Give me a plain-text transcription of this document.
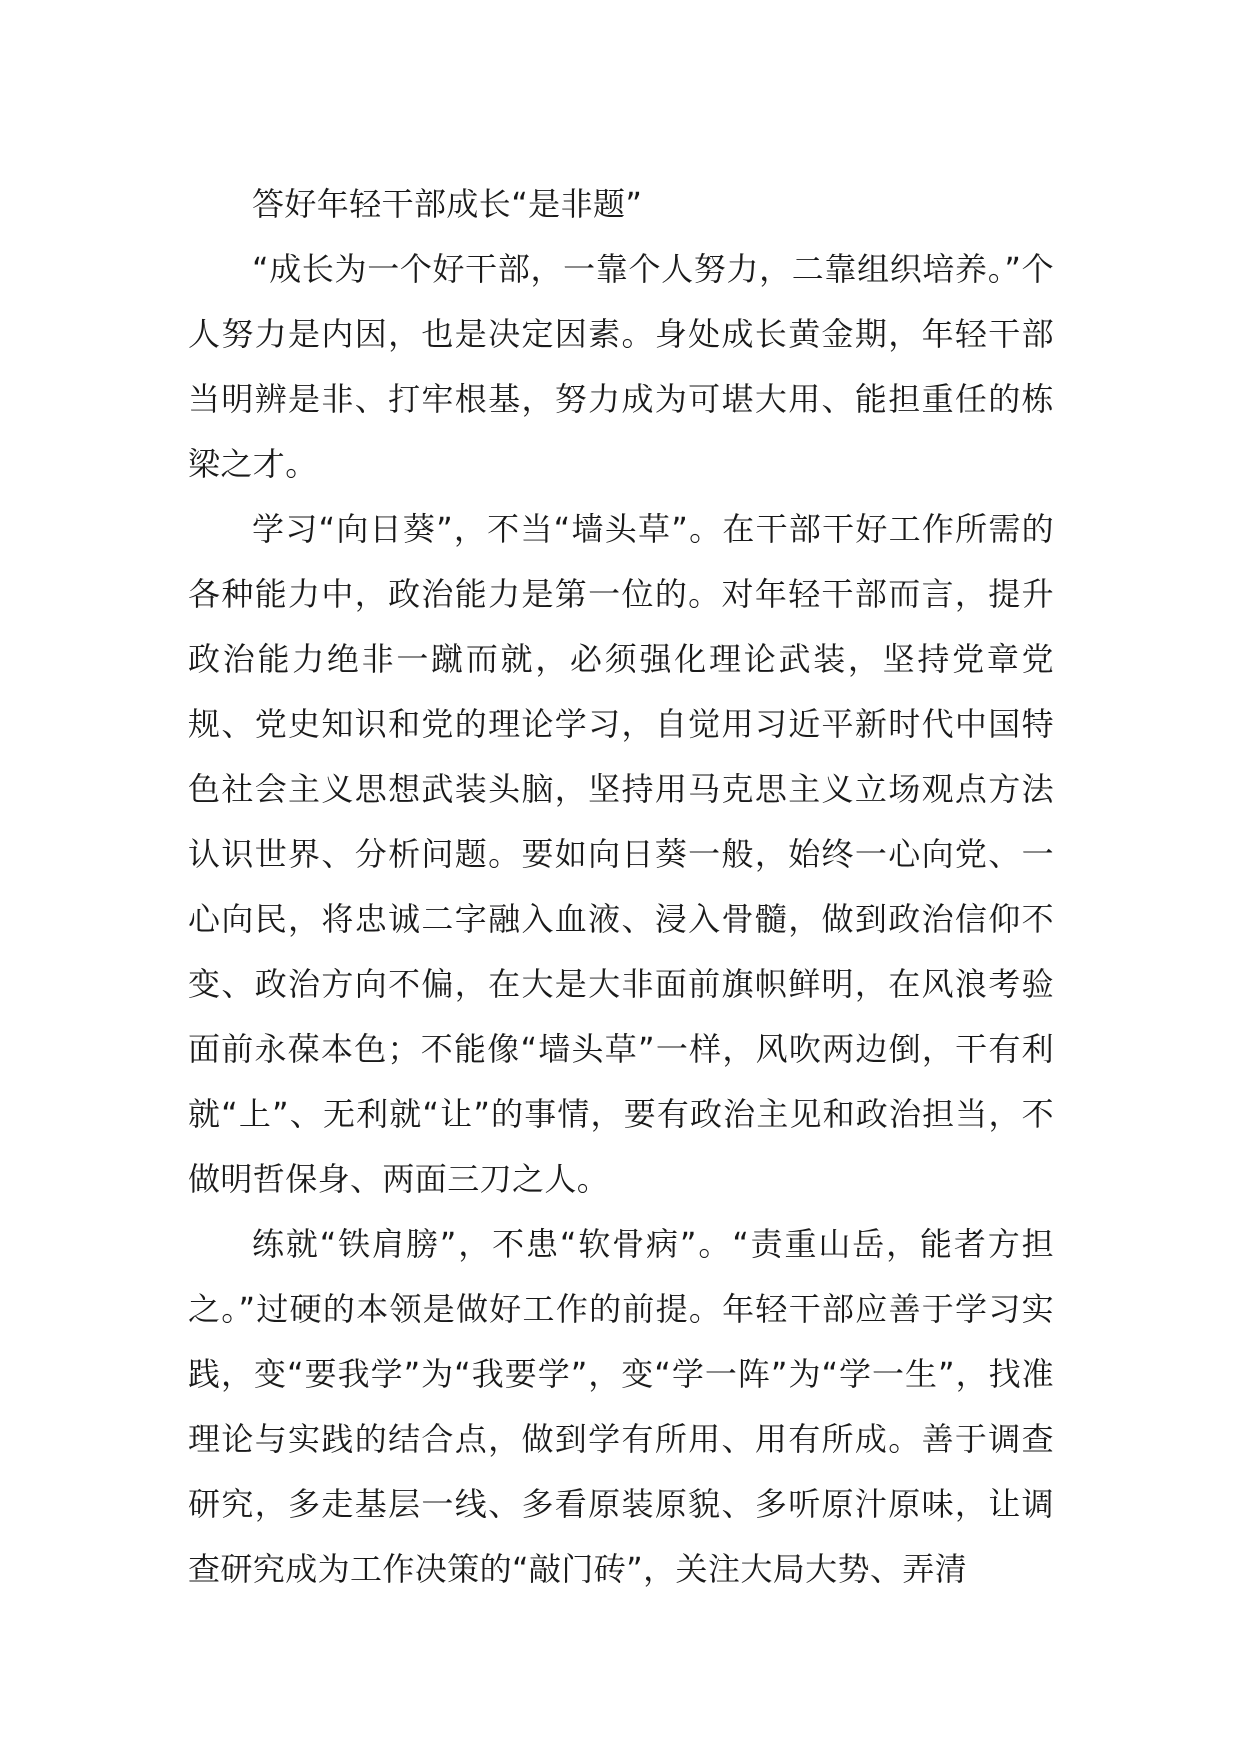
答好年轻干部成长“是非题”

“成长为一个好干部，一靠个人努力，二靠组织培养。”个人努力是内因，也是决定因素。身处成长黄金期，年轻干部当明辨是非、打牢根基，努力成为可堪大用、能担重任的栋梁之才。

学习“向日葵”，不当“墙头草”。在干部干好工作所需的各种能力中，政治能力是第一位的。对年轻干部而言，提升政治能力绝非一蹴而就，必须强化理论武装，坚持党章党规、党史知识和党的理论学习，自觉用习近平新时代中国特色社会主义思想武装头脑，坚持用马克思主义立场观点方法认识世界、分析问题。要如向日葵一般，始终一心向党、一心向民，将忠诚二字融入血液、浸入骨髓，做到政治信仰不变、政治方向不偏，在大是大非面前旗帜鲜明，在风浪考验面前永葆本色；不能像“墙头草”一样，风吹两边倒，干有利就“上”、无利就“让”的事情，要有政治主见和政治担当，不做明哲保身、两面三刀之人。

练就“铁肩膀”，不患“软骨病”。“责重山岳，能者方担之。”过硬的本领是做好工作的前提。年轻干部应善于学习实践，变“要我学”为“我要学”，变“学一阵”为“学一生”，找准理论与实践的结合点，做到学有所用、用有所成。善于调查研究，多走基层一线、多看原装原貌、多听原汁原味，让调查研究成为工作决策的“敲门砖”，关注大局大势、弄清
